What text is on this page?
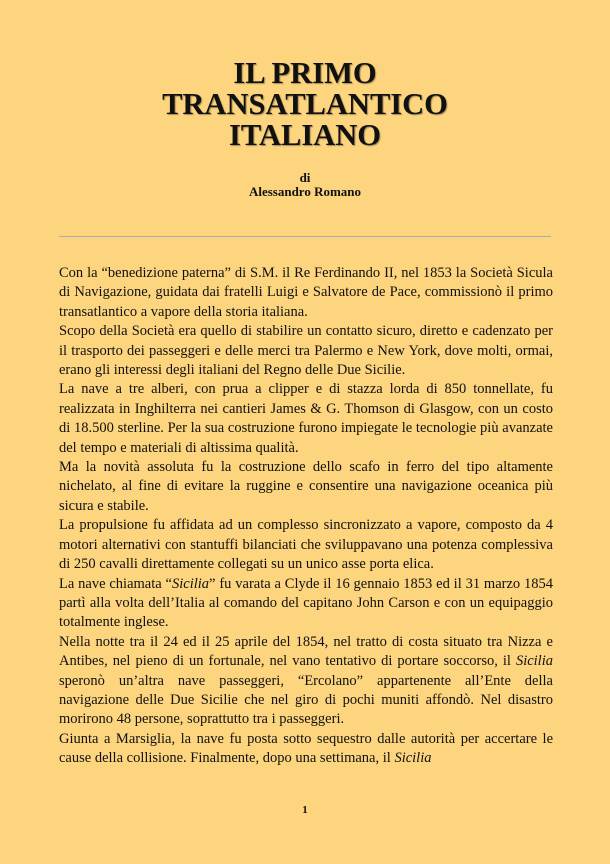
IL PRIMO
TRANSATLANTICO
ITALIANO
di
Alessandro Romano

Con la “benedizione paterna” di S.M. il Re Ferdinando II, nel 1853 la Società Sicula di Navigazione, guidata dai fratelli Luigi e Salvatore de Pace, commissionò il primo transatlantico a vapore della storia italiana.

Scopo della Società era quello di stabilire un contatto sicuro, diretto e cadenzato per il trasporto dei passeggeri e delle merci tra Palermo e New York, dove molti, ormai, erano gli interessi degli italiani del Regno delle Due Sicilie.

La nave a tre alberi, con prua a clipper e di stazza lorda di 850 tonnellate, fu realizzata in Inghilterra nei cantieri James & G. Thomson di Glasgow, con un costo di 18.500 sterline. Per la sua costruzione furono impiegate le tecnologie più avanzate del tempo e materiali di altissima qualità.

Ma la novità assoluta fu la costruzione dello scafo in ferro del tipo altamente nichelato, al fine di evitare la ruggine e consentire una navigazione oceanica più sicura e stabile.

La propulsione fu affidata ad un complesso sincronizzato a vapore, composto da 4 motori alternativi con stantuffi bilanciati che sviluppavano una potenza complessiva di 250 cavalli direttamente collegati su un unico asse porta elica.

La nave chiamata “Sicilia” fu varata a Clyde il 16 gennaio 1853 ed il 31 marzo 1854 partì alla volta dell’Italia al comando del capitano John Carson e con un equipaggio totalmente inglese.

Nella notte tra il 24 ed il 25 aprile del 1854, nel tratto di costa situato tra Nizza e Antibes, nel pieno di un fortunale, nel vano tentativo di portare soccorso, il Sicilia speronò un’altra nave passeggeri, “Ercolano” appartenente all’Ente della navigazione delle Due Sicilie che nel giro di pochi muniti affondò. Nel disastro morirono 48 persone, soprattutto tra i passeggeri.

Giunta a Marsiglia, la nave fu posta sotto sequestro dalle autorità per accertare le cause della collisione. Finalmente, dopo una settimana, il Sicilia

1
